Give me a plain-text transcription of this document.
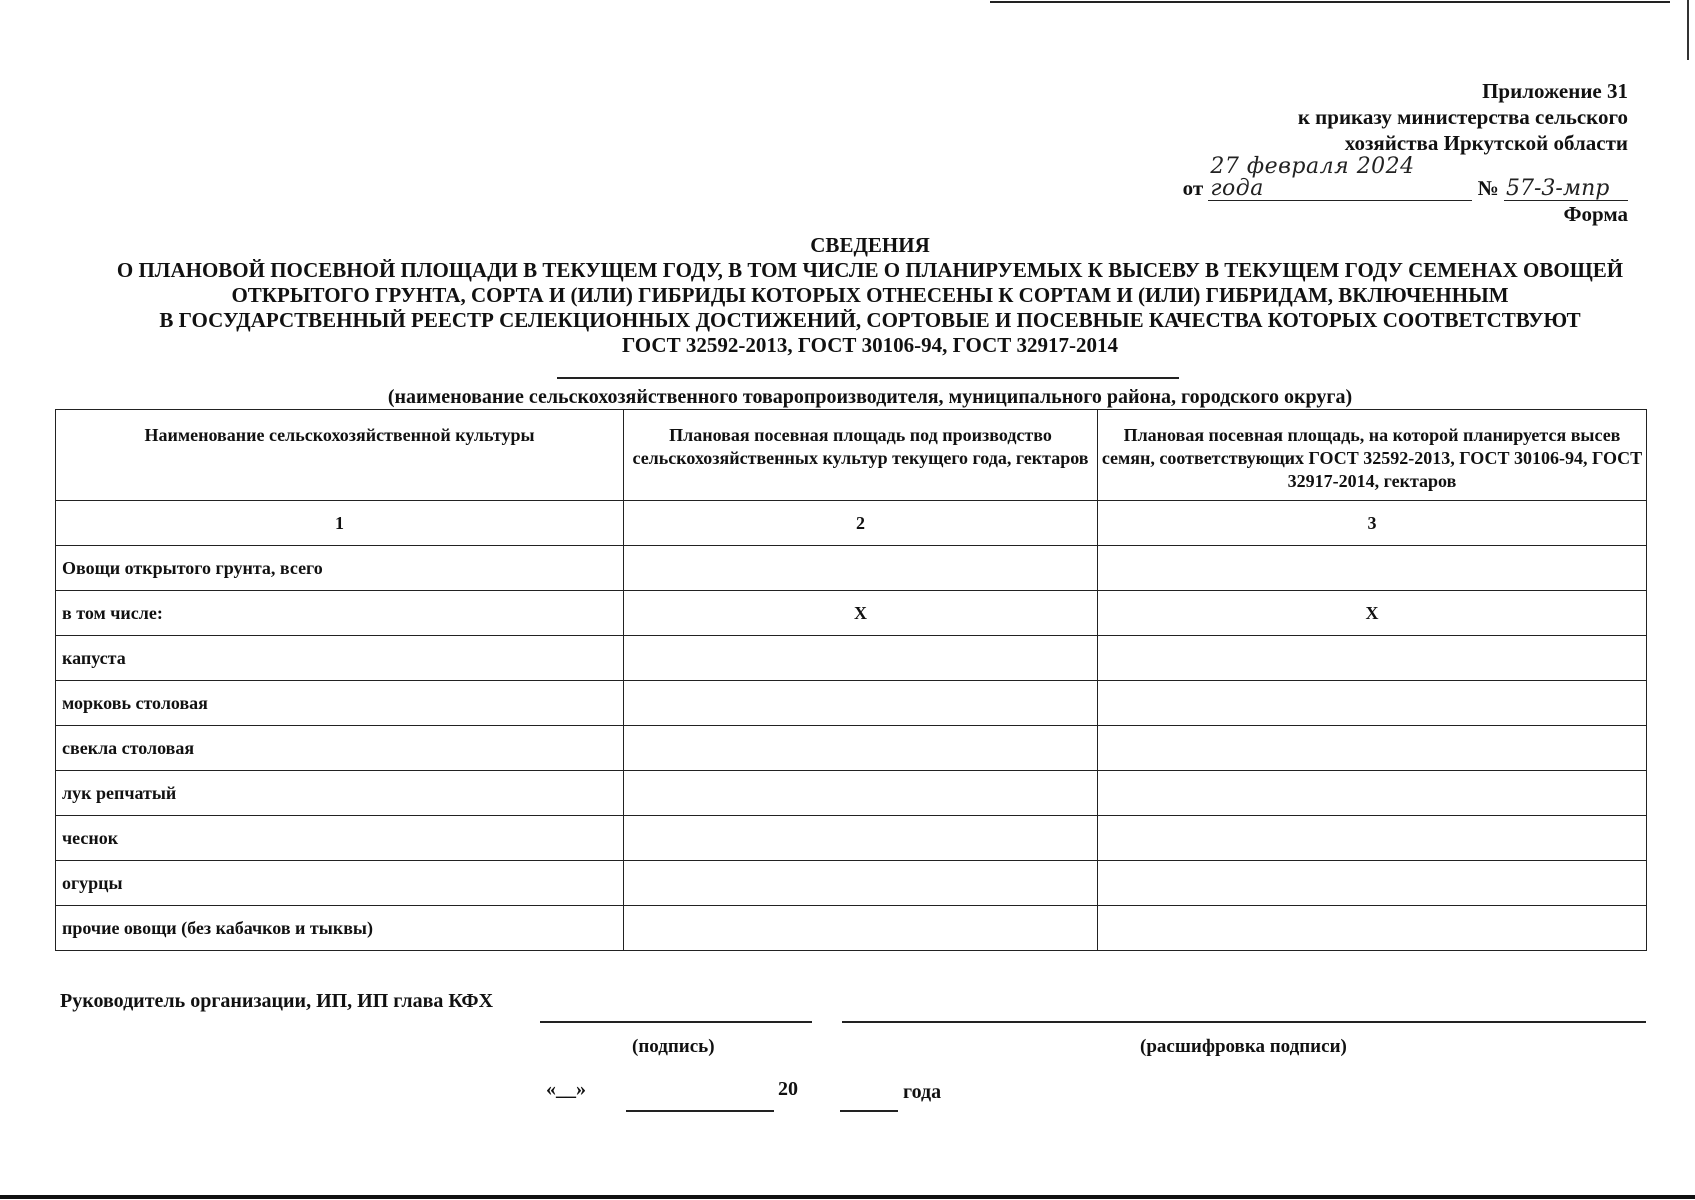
Приложение 31
к приказу министерства сельского
хозяйства Иркутской области
от 27 февраля 2024 года	№ 57-3-мпр
Форма
СВЕДЕНИЯ
О ПЛАНОВОЙ ПОСЕВНОЙ ПЛОЩАДИ В ТЕКУЩЕМ ГОДУ, В ТОМ ЧИСЛЕ О ПЛАНИРУЕМЫХ К ВЫСЕВУ В ТЕКУЩЕМ ГОДУ СЕМЕНАХ ОВОЩЕЙ
ОТКРЫТОГО ГРУНТА, СОРТА И (ИЛИ) ГИБРИДЫ КОТОРЫХ ОТНЕСЕНЫ К СОРТАМ И (ИЛИ) ГИБРИДАМ, ВКЛЮЧЕННЫМ
В ГОСУДАРСТВЕННЫЙ РЕЕСТР СЕЛЕКЦИОННЫХ ДОСТИЖЕНИЙ, СОРТОВЫЕ И ПОСЕВНЫЕ КАЧЕСТВА КОТОРЫХ СООТВЕТСТВУЮТ
ГОСТ 32592-2013, ГОСТ 30106-94, ГОСТ 32917-2014
(наименование сельскохозяйственного товаропроизводителя, муниципального района, городского округа)
Наименование сельскохозяйственной культуры	Плановая посевная площадь под производство сельскохозяйственных культур текущего года, гектаров	Плановая посевная площадь, на которой планируется высев семян, соответствующих ГОСТ 32592-2013, ГОСТ 30106-94, ГОСТ 32917-2014, гектаров
1	2	3
Овощи открытого грунта, всего		
в том числе:	X	X
капуста		
морковь столовая		
свекла столовая		
лук репчатый		
чеснок		
огурцы		
прочие овощи (без кабачков и тыквы)		
Руководитель организации, ИП, ИП глава КФХ
(подпись)	(расшифровка подписи)
«__»	20	года
